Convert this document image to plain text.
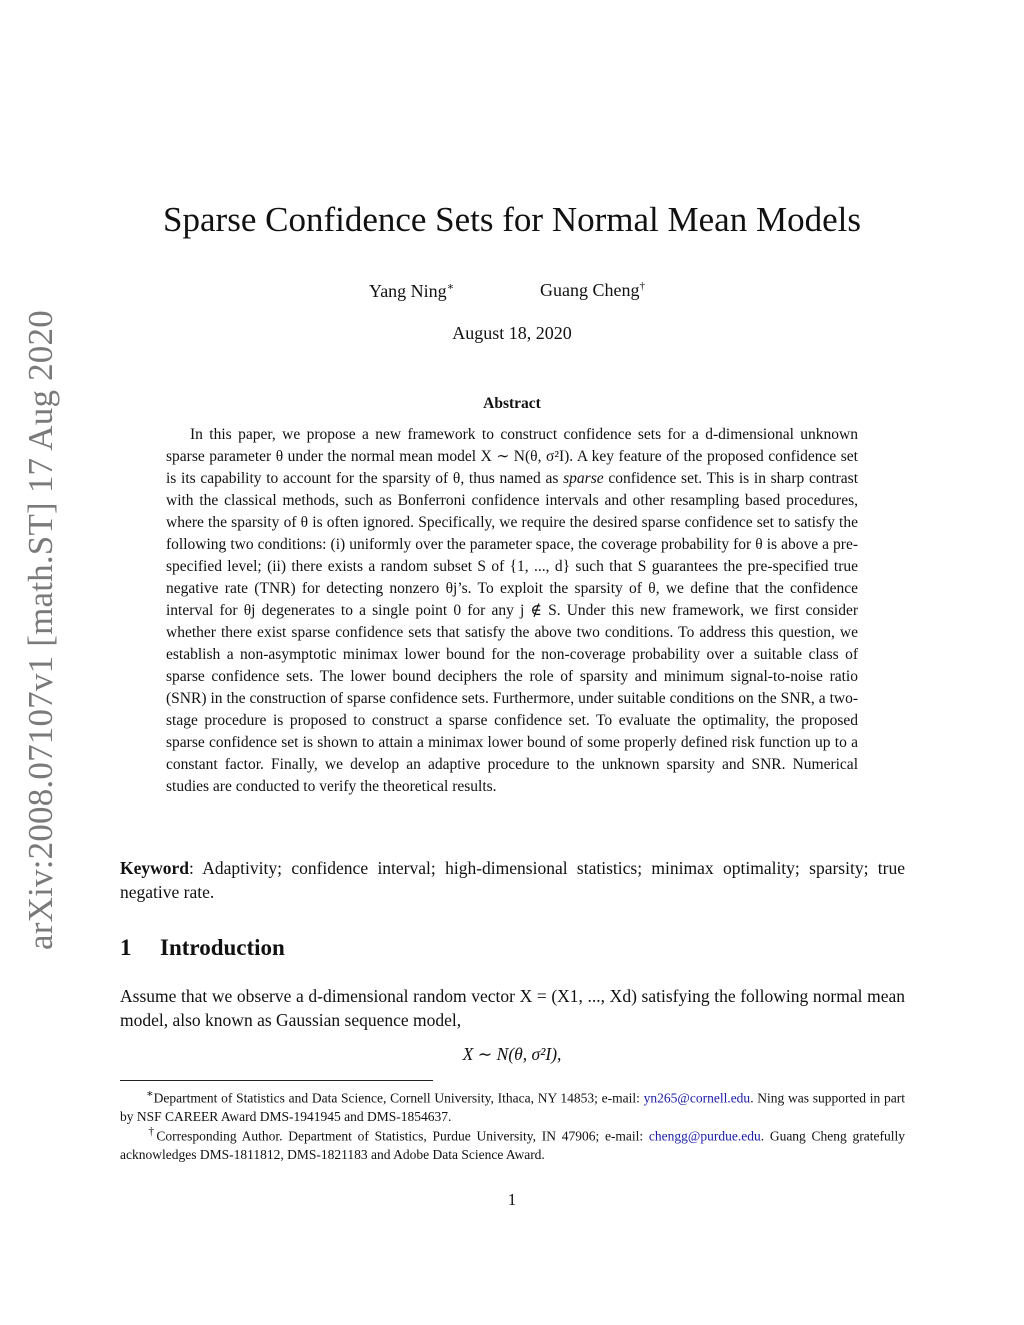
arXiv:2008.07107v1 [math.ST] 17 Aug 2020
Sparse Confidence Sets for Normal Mean Models
Yang Ning∗	Guang Cheng†
August 18, 2020
Abstract

In this paper, we propose a new framework to construct confidence sets for a d-dimensional unknown sparse parameter θ under the normal mean model X ∼ N(θ, σ²I). A key feature of the proposed confidence set is its capability to account for the sparsity of θ, thus named as sparse confidence set. This is in sharp contrast with the classical methods, such as Bonferroni confidence intervals and other resampling based procedures, where the sparsity of θ is often ignored. Specifically, we require the desired sparse confidence set to satisfy the following two conditions: (i) uniformly over the parameter space, the coverage probability for θ is above a pre-specified level; (ii) there exists a random subset S of {1, ..., d} such that S guarantees the pre-specified true negative rate (TNR) for detecting nonzero θj’s. To exploit the sparsity of θ, we define that the confidence interval for θj degenerates to a single point 0 for any j ∉ S. Under this new framework, we first consider whether there exist sparse confidence sets that satisfy the above two conditions. To address this question, we establish a non-asymptotic minimax lower bound for the non-coverage probability over a suitable class of sparse confidence sets. The lower bound deciphers the role of sparsity and minimum signal-to-noise ratio (SNR) in the construction of sparse confidence sets. Furthermore, under suitable conditions on the SNR, a two-stage procedure is proposed to construct a sparse confidence set. To evaluate the optimality, the proposed sparse confidence set is shown to attain a minimax lower bound of some properly defined risk function up to a constant factor. Finally, we develop an adaptive procedure to the unknown sparsity and SNR. Numerical studies are conducted to verify the theoretical results.

Keyword: Adaptivity; confidence interval; high-dimensional statistics; minimax optimality; sparsity; true negative rate.

1 Introduction

Assume that we observe a d-dimensional random vector X = (X1, ..., Xd) satisfying the following normal mean model, also known as Gaussian sequence model,

X ∼ N(θ, σ²I),

∗Department of Statistics and Data Science, Cornell University, Ithaca, NY 14853; e-mail: yn265@cornell.edu. Ning was supported in part by NSF CAREER Award DMS-1941945 and DMS-1854637.

†Corresponding Author. Department of Statistics, Purdue University, IN 47906; e-mail: chengg@purdue.edu. Guang Cheng gratefully acknowledges DMS-1811812, DMS-1821183 and Adobe Data Science Award.

1
